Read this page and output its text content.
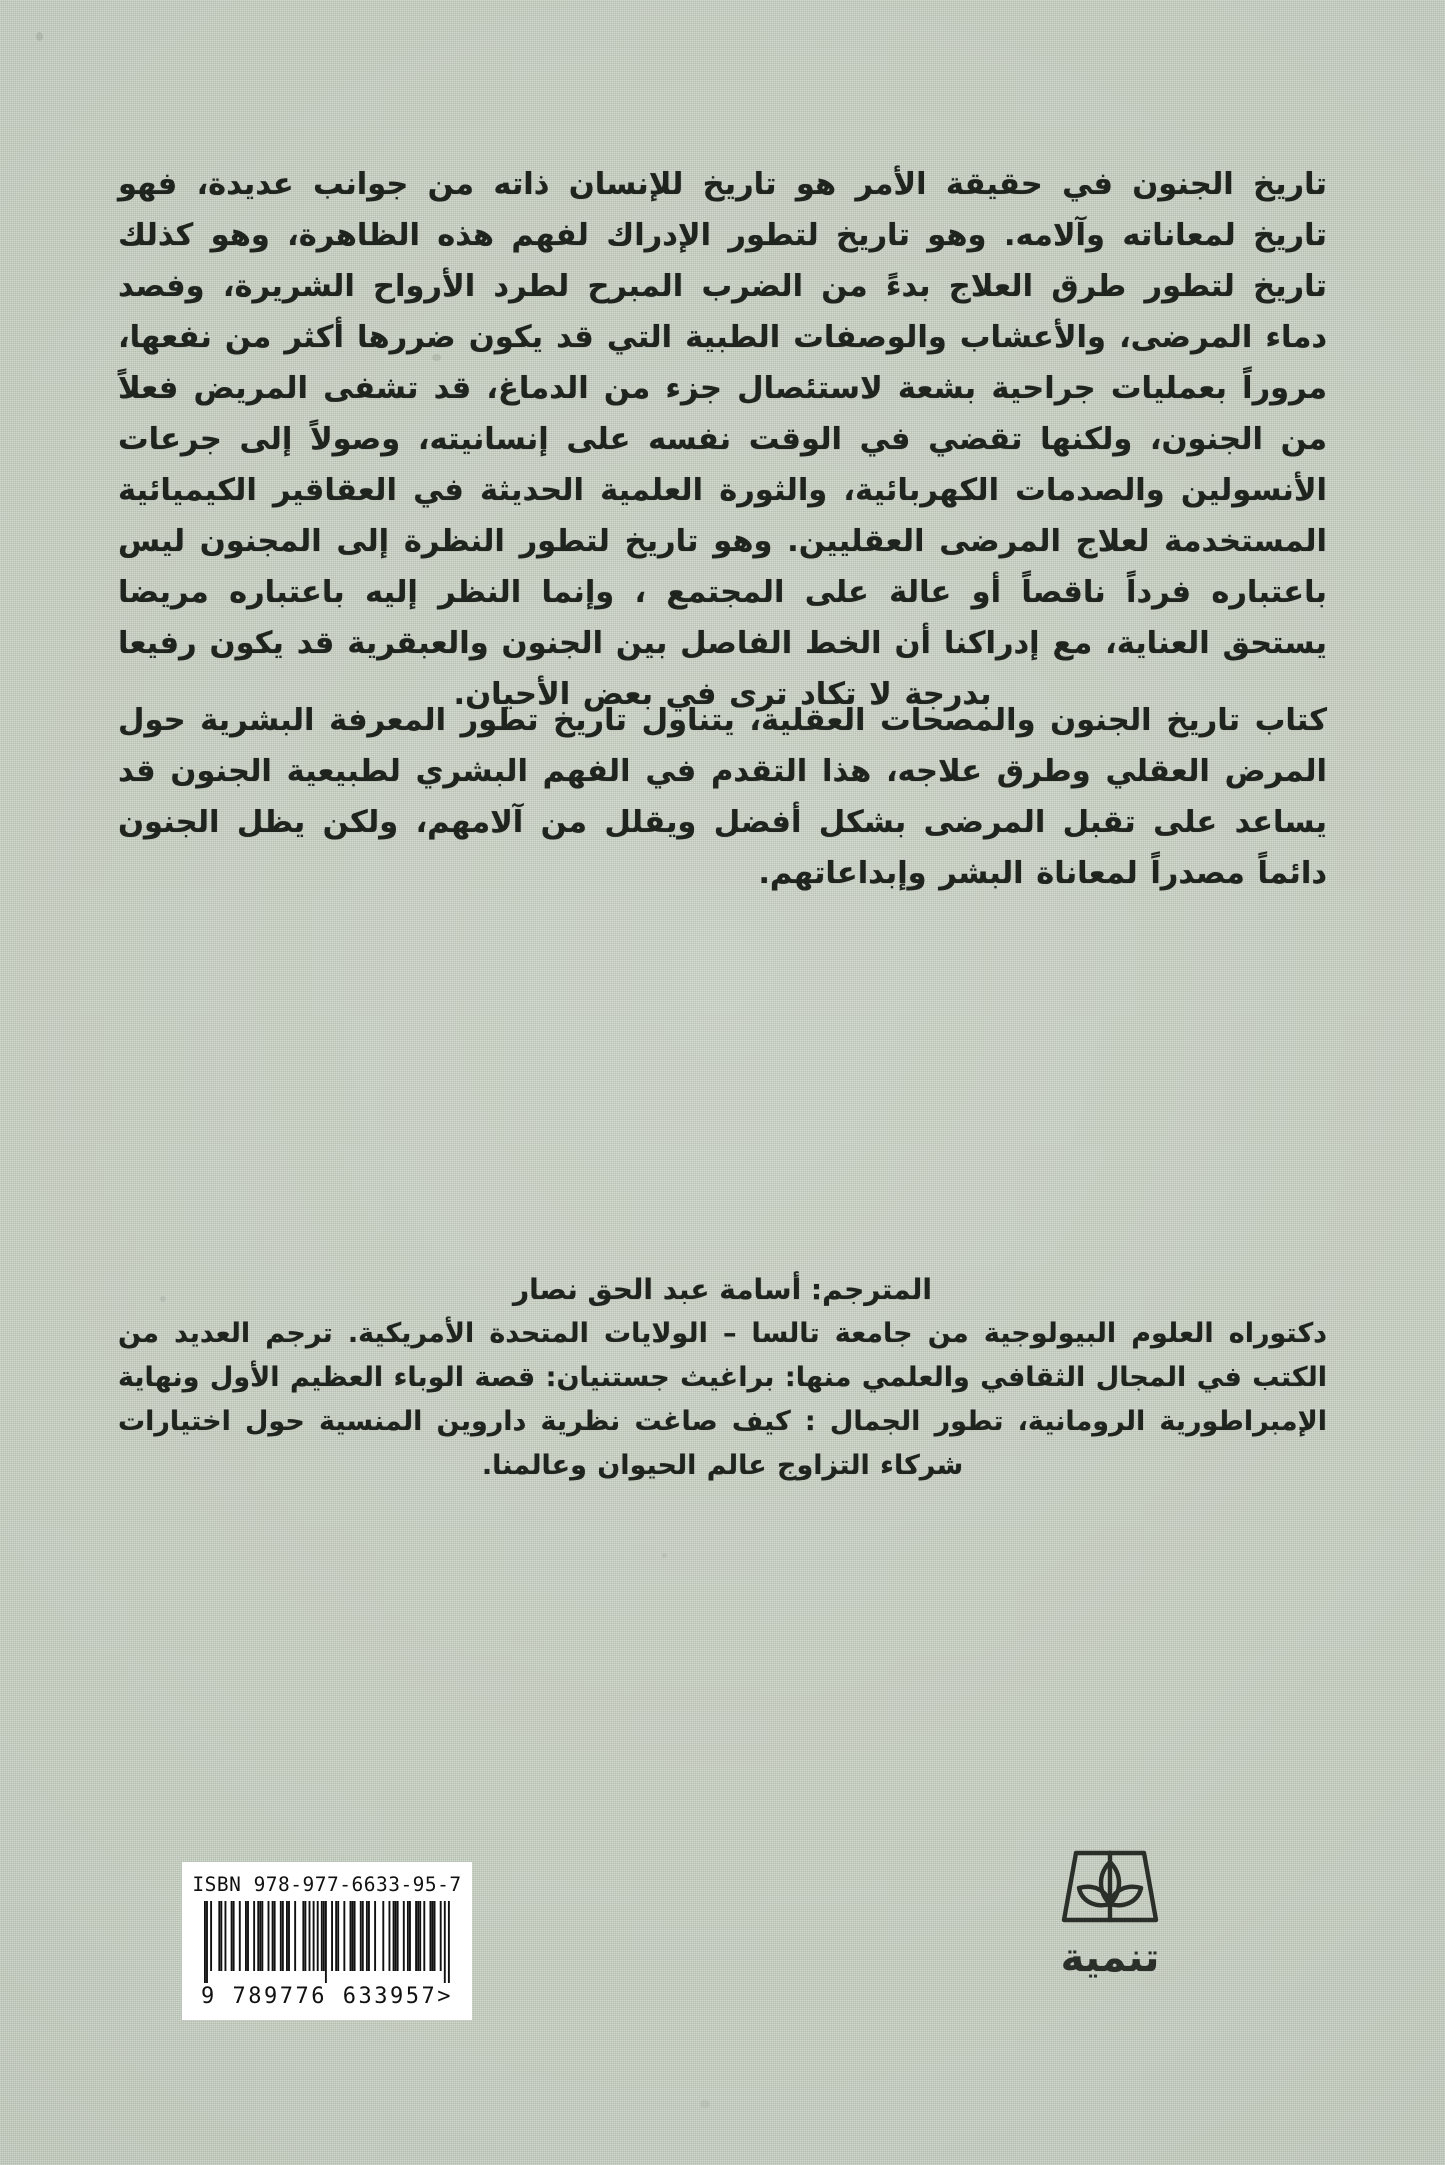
تاريخ الجنون في حقيقة الأمر هو تاريخ للإنسان ذاته من جوانب عديدة، فهو تاريخ لمعاناته وآلامه. وهو تاريخ لتطور الإدراك لفهم هذه الظاهرة، وهو كذلك تاريخ لتطور طرق العلاج بدءً من الضرب المبرح لطرد الأرواح الشريرة، وفصد دماء المرضى، والأعشاب والوصفات الطبية التي قد يكون ضررها أكثر من نفعها، مروراً بعمليات جراحية بشعة لاستئصال جزء من الدماغ، قد تشفى المريض فعلاً من الجنون، ولكنها تقضي في الوقت نفسه على إنسانيته، وصولاً إلى جرعات الأنسولين والصدمات الكهربائية، والثورة العلمية الحديثة في العقاقير الكيميائية المستخدمة لعلاج المرضى العقليين. وهو تاريخ لتطور النظرة إلى المجنون ليس باعتباره فرداً ناقصاً أو عالة على المجتمع ، وإنما النظر إليه باعتباره مريضا يستحق العناية، مع إدراكنا أن الخط الفاصل بين الجنون والعبقرية قد يكون رفيعا بدرجة لا تكاد ترى في بعض الأحيان.

كتاب تاريخ الجنون والمصحات العقلية، يتناول تاريخ تطور المعرفة البشرية حول المرض العقلي وطرق علاجه، هذا التقدم في الفهم البشري لطبيعية الجنون قد يساعد على تقبل المرضى بشكل أفضل ويقلل من آلامهم، ولكن يظل الجنون دائماً مصدراً لمعاناة البشر وإبداعاتهم.

المترجم: أسامة عبد الحق نصار
دكتوراه العلوم البيولوجية من جامعة تالسا – الولايات المتحدة الأمريكية. ترجم العديد من الكتب في المجال الثقافي والعلمي منها: براغيث جستنيان: قصة الوباء العظيم الأول ونهاية الإمبراطورية الرومانية، تطور الجمال : كيف صاغت نظرية داروين المنسية حول اختيارات شركاء التزاوج عالم الحيوان وعالمنا.
ISBN 978-977-6633-95-7
9 789776 633957>
تنمية
